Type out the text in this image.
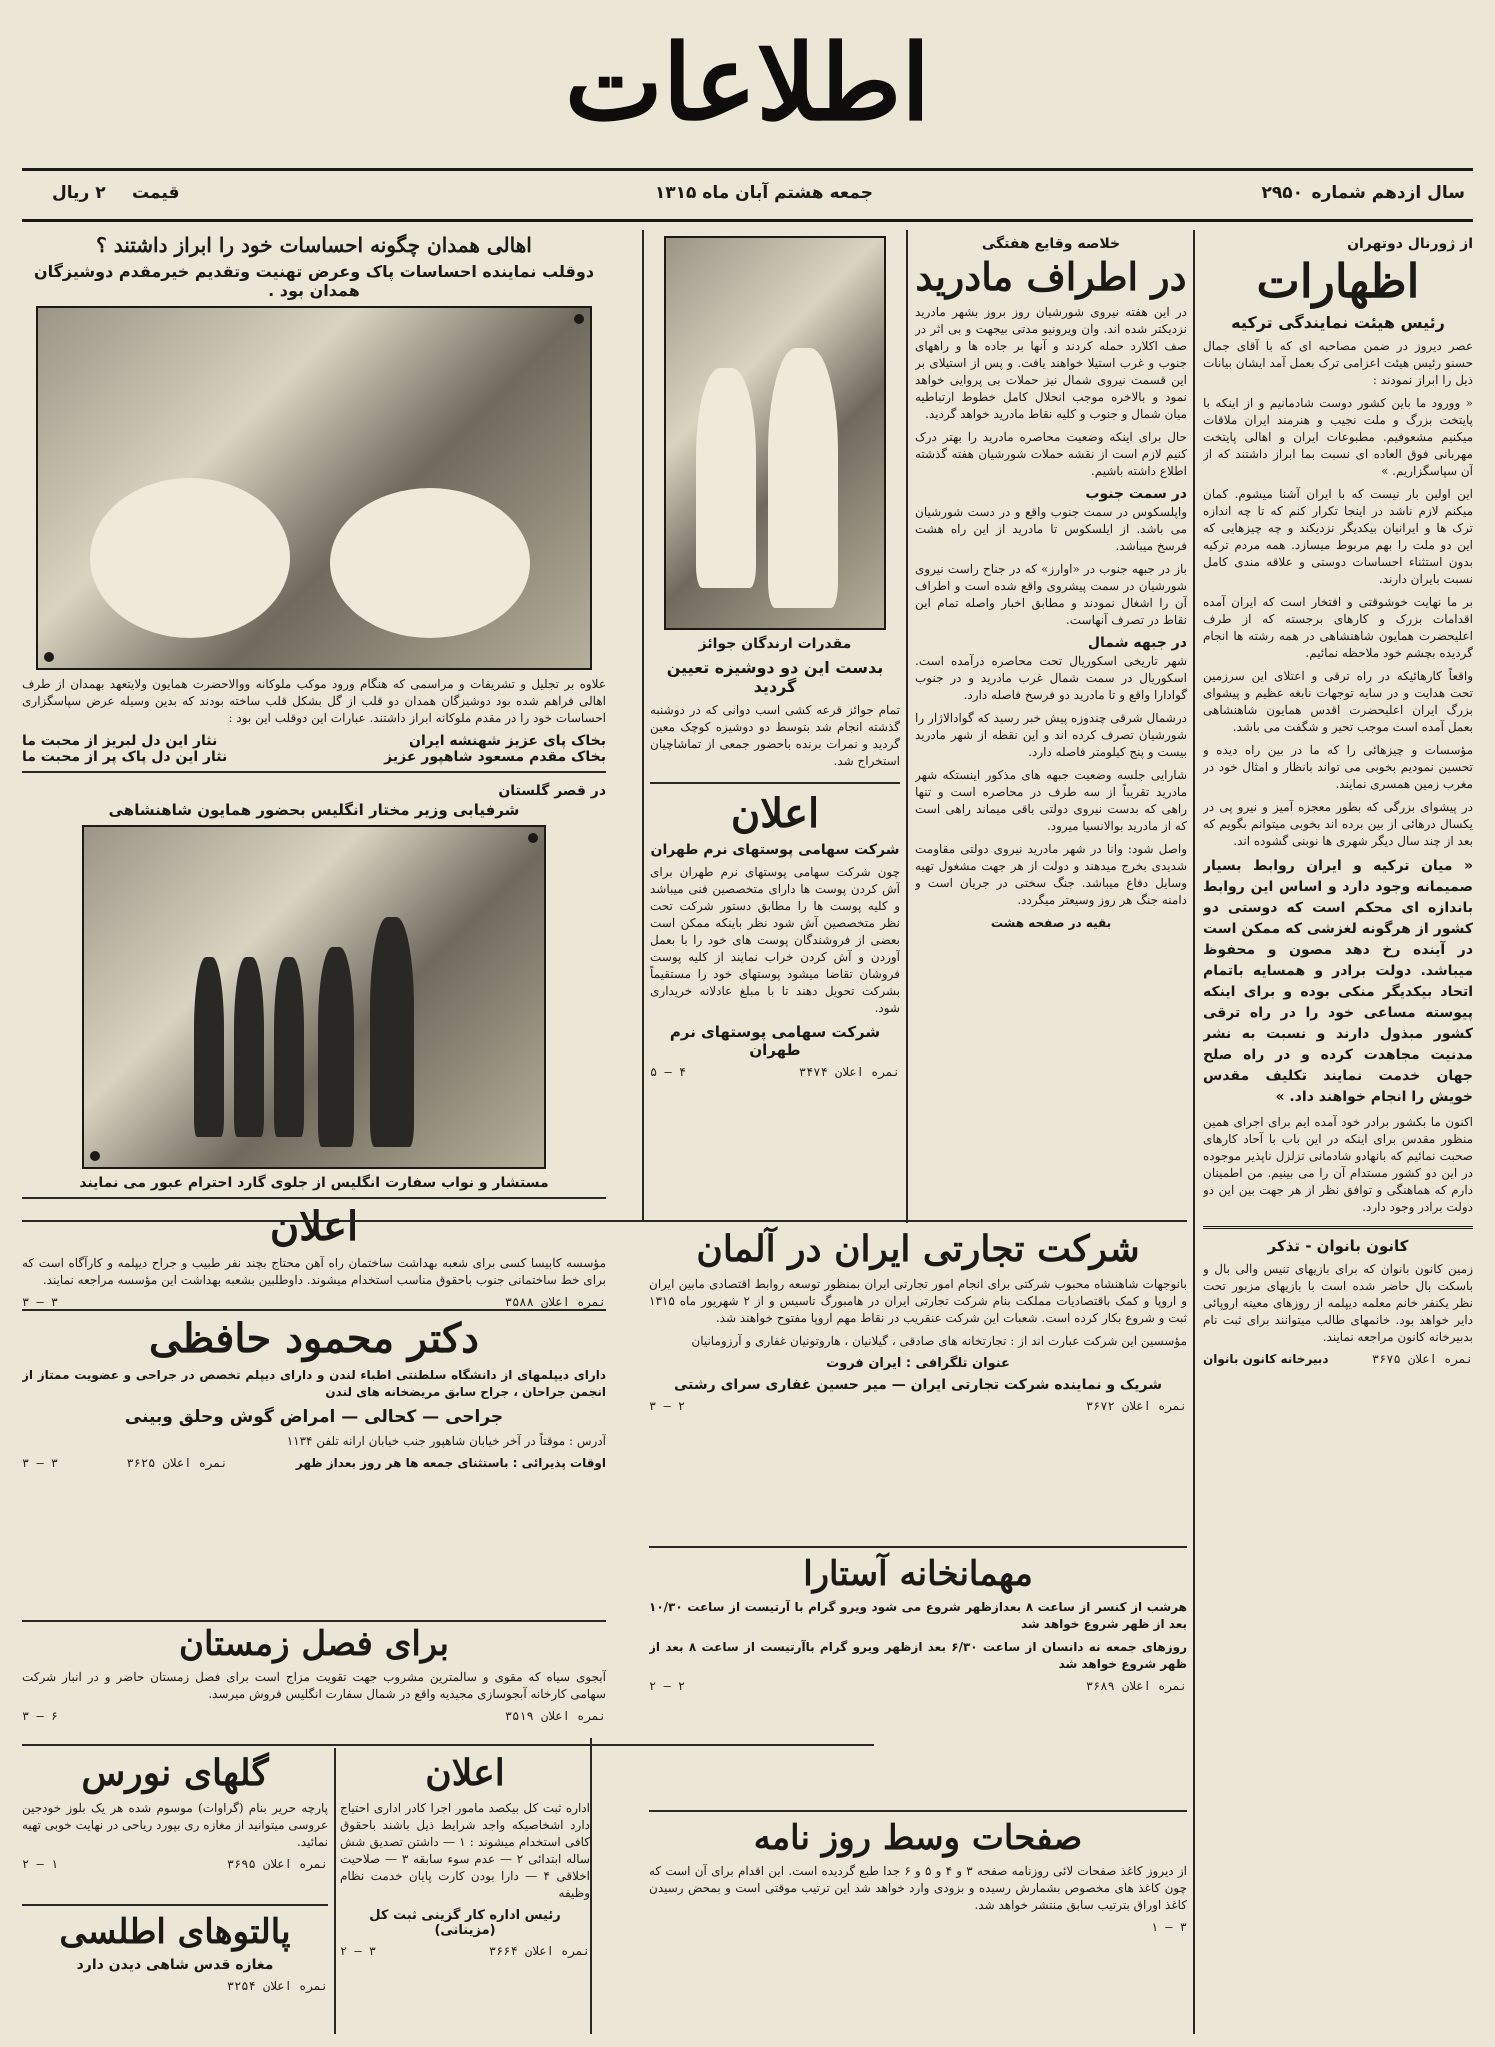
اطلاعات
سال ازدهم شماره
۲۹۵۰
جمعه هشتم آبان ماه ۱۳۱۵
قیمت
۲ ریال
از ژورنال دوتهران
اظهارات
رئیس هیئت نمایندگی ترکیه

عصر دیروز در ضمن مصاحبه ای که با آقای جمال حسنو رئیس هیئت اعزامی ترک بعمل آمد ایشان بیانات ذیل را ابراز نمودند :

« وورود ما باین کشور دوست شادمانیم و از اینکه با پایتخت بزرگ و ملت نجیب و هنرمند ایران ملاقات میکنیم مشعوفیم. مطبوعات ایران و اهالی پایتخت مهربانی فوق العاده ای نسبت بما ابراز داشتند که از آن سپاسگزاریم. »

این اولین بار نیست که با ایران آشنا میشوم. کمان میکنم لازم ناشد در اینجا تکرار کنم که تا چه اندازه ترک ها و ایرانیان بیکدیگر نزدیکند و چه چیزهایی که این دو ملت را بهم مربوط میسازد. همه مردم ترکیه بدون استثناء احساسات دوستی و علاقه مندی کامل نسبت بایران دارند.

بر ما نهایت خوشوقتی و افتخار است که ایران آمده اقدامات بزرک و کارهای برجسته که از طرف اعلیحضرت همایون شاهنشاهی در همه رشته ها انجام گردیده بچشم خود ملاحظه نمائیم.

واقعاً کارهائیکه در راه ترقی و اعتلای این سرزمین تحت هدایت و در سایه توجهات نابغه عظیم و پیشوای بزرگ ایران اعلیحضرت اقدس همایون شاهنشاهی بعمل آمده است موجب تحیر و شگفت می باشد.

مؤسسات و چیزهائی را که ما در بین راه دیده و تحسین نمودیم بخوبی می تواند بانظار و امثال خود در مغرب زمین همسری نمایند.

در پیشوای بزرگی که بطور معجزه آمیز و نیرو پی در یکسال درهائی از بین برده اند بخوبی میتوانم بگویم که بعد از چند سال دیگر شهری ها نوبنی گشوده اند.

« میان ترکیه و ایران روابط بسیار صمیمانه وجود دارد و اساس این روابط باندازه ای محکم است که دوستی دو کشور از هرگونه لغزشی که ممکن است در آینده رخ دهد مصون و محفوظ میباشد. دولت برادر و همسایه باتمام اتحاد بیکدیگر منکی بوده و برای اینکه پیوسته مساعی خود را در راه ترقی کشور مبذول دارند و نسبت به نشر مدنیت مجاهدت کرده و در راه صلح جهان خدمت نمایند تکلیف مقدس خویش را انجام خواهند داد. »

اکنون ما بکشور برادر خود آمده ایم برای اجرای همین منظور مقدس برای اینکه در این باب با آحاد کارهای صحبت نمائیم که بانهادو شادمانی تزلزل ناپذیر موجوده در این دو کشور مستدام آن را می بینیم. من اطمینان دارم که هماهنگی و توافق نظر از هر جهت بین این دو دولت برادر وجود دارد.

کانون بانوان - تذکر

زمین کانون بانوان که برای بازیهای تنیس والی بال و باسکت بال حاضر شده است با بازیهای مزبور تحت نظر یکنفر خانم معلمه دیپلمه از روزهای معینه اروپائی دایر خواهد بود. خانمهای طالب میتوانند برای ثبت نام بدبیرخانه کانون مراجعه نمایند.

نمره اعلان ۳۶۷۵
دبیرخانه کانون بانوان
خلاصه وقایع هفتگی
در اطراف مادرید

در این هفته نیروی شورشیان روز بروز بشهر مادرید نزدیکتر شده اند. وان ویرونیو مدتی بیجهت و بی اثر در صف اکلارد حمله کردند و آنها بر جاده ها و راههای جنوب و غرب استیلا خواهند یافت. و پس از استیلای بر این قسمت نیروی شمال نیز حملات بی پروایی خواهد نمود و بالاخره موجب انحلال کامل خطوط ارتباطیه میان شمال و جنوب و کلیه نقاط مادرید خواهد گردید.

حال برای اینکه وضعیت محاصره مادرید را بهتر درک کنیم لازم است از نقشه حملات شورشیان هفته گذشته اطلاع داشته باشیم.

در سمت جنوب

واپلسکوس در سمت جنوب واقع و در دست شورشیان می باشد. از ایلسکوس تا مادرید از این راه هشت فرسخ میباشد.

باز در جبهه جنوب در «اوارز» که در جناح راست نیروی شورشیان در سمت پیشروی واقع شده است و اطراف آن را اشغال نمودند و مطابق اخبار واصله تمام این نقاط در تصرف آنهاست.

در جبهه شمال

شهر تاریخی اسکوریال تحت محاصره درآمده است. اسکوریال در سمت شمال غرب مادرید و در جنوب گوادارا واقع و تا مادرید دو فرسخ فاصله دارد.

درشمال شرقی چندوزه پیش خبر رسید که گوادالاژار را شورشیان تصرف کرده اند و این نقطه از شهر مادرید بیست و پنج کیلومتر فاصله دارد.

شارایی جلسه وضعیت جبهه های مذکور اینستکه شهر مادرید تقریباً از سه طرف در محاصره است و تنها راهی که بدست نیروی دولتی باقی میماند راهی است که از مادرید بوالانسیا میرود.

واصل شود: وانا در شهر مادرید نیروی دولتی مقاومت شدیدی بخرج میدهند و دولت از هر جهت مشغول تهیه وسایل دفاع میباشد. جنگ سختی در جریان است و دامنه جنگ هر روز وسیعتر میگردد.

بقیه در صفحه هشت

مقدرات ارندگان جوائز
بدست این دو دوشیزه تعیین گردید

تمام جوائز قرعه کشی اسب دوانی که در دوشنبه گذشته انجام شد بتوسط دو دوشیزه کوچک معین گردید و نمرات برنده باحضور جمعی از تماشاچیان استخراج شد.

اعلان
شرکت سهامی پوستهای نرم طهران

چون شرکت سهامی پوستهای نرم طهران برای آش کردن پوست ها دارای متخصصین فنی میباشد و کلیه پوست ها را مطابق دستور شرکت تحت نظر متخصصین آش شود نظر باینکه ممکن است بعضی از فروشندگان پوست های خود را با بعمل آوردن و آش کردن خراب نمایند از کلیه پوست فروشان تقاضا میشود پوستهای خود را مستقیماً بشرکت تحویل دهند تا با مبلغ عادلانه خریداری شود.

شرکت سهامی پوستهای نرم طهران
نمره اعلان ۳۴۷۴
۴ — ۵
اهالی همدان چگونه احساسات خود را ابراز داشتند ؟
دوقلب نماینده احساسات پاک وعرض تهنیت وتقدیم خیرمقدم دوشیزگان همدان بود .

علاوه بر تجلیل و تشریفات و مراسمی که هنگام ورود موکب ملوکانه ووالاحضرت همایون ولایتعهد بهمدان از طرف اهالی فراهم شده بود دوشیزگان همدان دو قلب از گل بشکل قلب ساخته بودند که بدین وسیله عرض سپاسگزاری احساسات خود را در مقدم ملوکانه ابراز داشتند. عبارات این دوقلب این بود :

بخاک پای عزیز شهنشه ایران
نثار این دل لبریز از محبت ما
بخاک مقدم مسعود شاهپور عزیز
نثار این دل پاک پر از محبت ما
در قصر گلستان
شرفیابی وزیر مختار انگلیس بحضور همایون شاهنشاهی
مستشار و نواب سفارت انگلیس از جلوی گارد احترام عبور می نمایند
اعلان

مؤسسه کابیسا کسی برای شعبه بهداشت ساختمان راه آهن محتاج بچند نفر طبیب و جراح دیپلمه و کارآگاه است که برای خط ساختمانی جنوب باحقوق مناسب استخدام میشوند. داوطلبین بشعبه بهداشت این مؤسسه مراجعه نمایند.

نمره اعلان ۳۵۸۸
۳ — ۳
دکتر محمود حافظی

دارای دیپلمهای از دانشگاه سلطنتی اطباء لندن و دارای دیپلم تخصص در جراحی و عضویت ممتاز از انجمن جراحان ، جراح سابق مریضخانه های لندن

جراحی — کحالی — امراض گوش وحلق وبینی

آدرس : موقتاً در آخر خیابان شاهپور جنب خیابان ارانه تلفن ۱۱۳۴

اوقات پذیرائی : باستثنای جمعه ها هر روز بعداز ظهر
نمره اعلان ۳۶۲۵
۳ — ۳
برای فصل زمستان

آبجوی سیاه که مقوی و سالمترین مشروب جهت تقویت مزاج است برای فصل زمستان حاضر و در انبار شرکت سهامی کارخانه آبجوسازی مجیدیه واقع در شمال سفارت انگلیس فروش میرسد.

نمره اعلان ۳۵۱۹
۶ — ۳
شرکت تجارتی ایران در آلمان

بانوجهات شاهنشاه محبوب شرکتی برای انجام امور تجارتی ایران بمنظور توسعه روابط اقتصادی مابین ایران و اروپا و کمک باقتصادیات مملکت بنام شرکت تجارتی ایران در هامبورگ تاسیس و از ۲ شهریور ماه ۱۳۱۵ ثبت و شروع بکار کرده است. شعبات این شرکت عنقریب در نقاط مهم اروپا مفتوح خواهند شد.

مؤسسین این شرکت عبارت اند از : تجارتخانه های صادقی ، گیلانیان ، هاروتونیان غفاری و آرزومانیان

عنوان تلگرافی : ایران فروت
شریک و نماینده شرکت تجارتی ایران — میر حسین غفاری سرای رشتی
نمره اعلان ۳۶۷۲
۲ — ۳
مهمانخانه آستارا

هرشب از کنسر از ساعت ۸ بعدازظهر شروع می شود ویرو گرام با آرتیست از ساعت ۱۰/۳۰ بعد از ظهر شروع خواهد شد

روزهای جمعه نه دانسان از ساعت ۶/۳۰ بعد ازظهر ویرو گرام باآرتیست از ساعت ۸ بعد از ظهر شروع خواهد شد

نمره اعلان ۳۶۸۹
۲ — ۲
صفحات وسط روز نامه

از دیروز کاغذ صفحات لائی روزنامه صفحه ۳ و ۴ و ۵ و ۶ جدا طبع گردیده است. این اقدام برای آن است که چون کاغذ های مخصوص بشمارش رسیده و بزودی وارد خواهد شد این ترتیب موقتی است و بمحض رسیدن کاغذ اوراق بترتیب سابق منتشر خواهد شد.

۳ — ۱
اعلان

اداره ثبت کل بیکصد مامور اجرا کادر اداری احتیاج دارد اشخاصیکه واجد شرایط ذیل باشند باحقوق کافی استخدام میشوند : ۱ — داشتن تصدیق شش ساله ابتدائی ۲ — عدم سوء سابقه ۳ — صلاحیت اخلاقی ۴ — دارا بودن کارت پایان خدمت نظام وظیفه

رئیس اداره کار گزینی ثبت کل (مزینانی)
نمره اعلان ۳۶۶۴
۳ — ۲
گلهای نورس

پارچه حریر بنام (گراوات) موسوم شده هر یک بلوز خودجین عروسی میتوانید از مغازه ری بپورد ریاحی در نهایت خوبی تهیه نمائید.

نمره اعلان ۳۶۹۵
۱ — ۲
پالتوهای اطلسی
مغازه قدس شاهی دیدن دارد
نمره اعلان ۳۲۵۴
